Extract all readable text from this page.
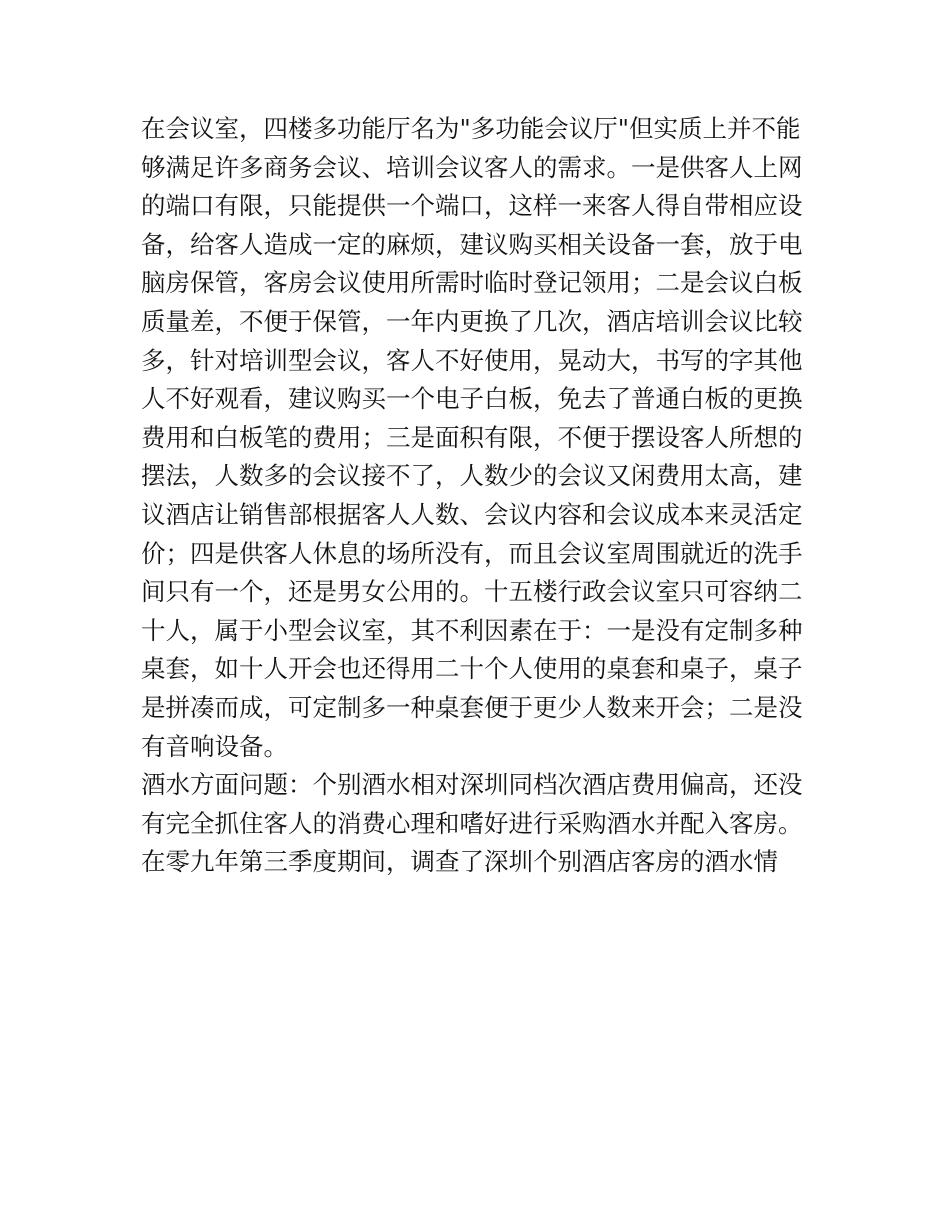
在会议室，四楼多功能厅名为"多功能会议厅"但实质上并不能
够满足许多商务会议、培训会议客人的需求。一是供客人上网
的端口有限，只能提供一个端口，这样一来客人得自带相应设
备，给客人造成一定的麻烦，建议购买相关设备一套，放于电
脑房保管，客房会议使用所需时临时登记领用；二是会议白板
质量差，不便于保管，一年内更换了几次，酒店培训会议比较
多，针对培训型会议，客人不好使用，晃动大，书写的字其他
人不好观看，建议购买一个电子白板，免去了普通白板的更换
费用和白板笔的费用；三是面积有限，不便于摆设客人所想的
摆法，人数多的会议接不了，人数少的会议又闲费用太高，建
议酒店让销售部根据客人人数、会议内容和会议成本来灵活定
价；四是供客人休息的场所没有，而且会议室周围就近的洗手
间只有一个，还是男女公用的。十五楼行政会议室只可容纳二
十人，属于小型会议室，其不利因素在于：一是没有定制多种
桌套，如十人开会也还得用二十个人使用的桌套和桌子，桌子
是拼凑而成，可定制多一种桌套便于更少人数来开会；二是没
有音响设备。
酒水方面问题：个别酒水相对深圳同档次酒店费用偏高，还没
有完全抓住客人的消费心理和嗜好进行采购酒水并配入客房。
在零九年第三季度期间，调查了深圳个别酒店客房的酒水情
